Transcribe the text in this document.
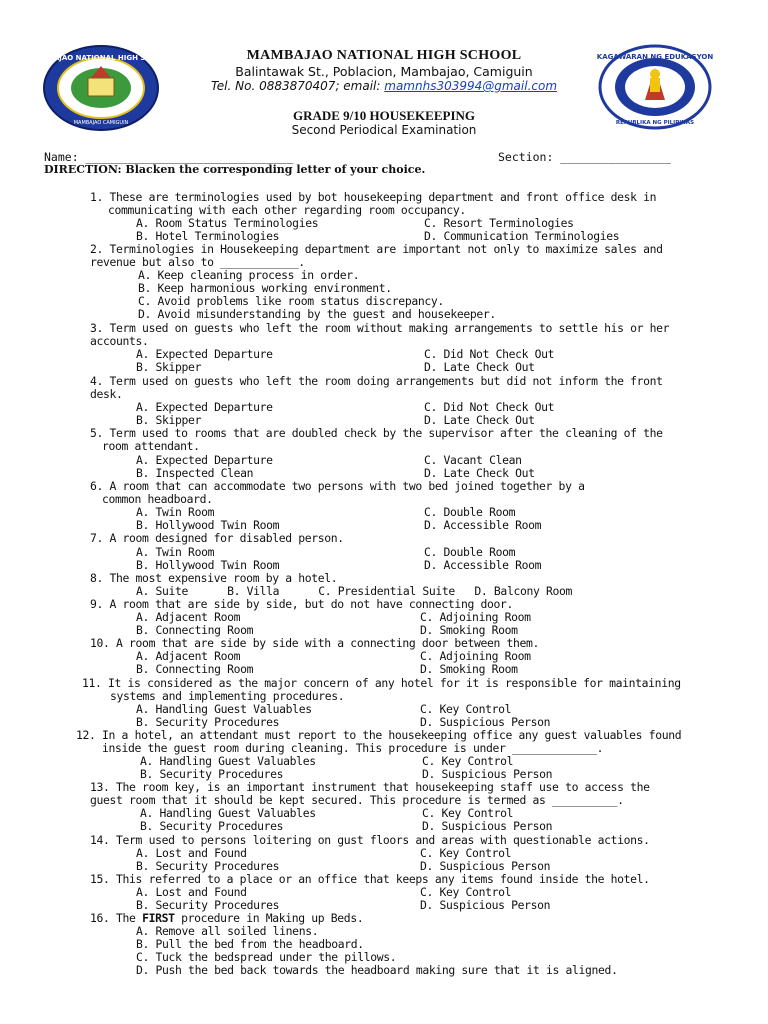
MAMBAJAO NATIONAL HIGH SCHOOL
MAMBAJAO CAMIGUIN
KAGAWARAN NG EDUKASYON
REPUBLIKA NG PILIPINAS
MAMBAJAO NATIONAL HIGH SCHOOL
Balintawak St., Poblacion, Mambajao, Camiguin
Tel. No. 0883870407; email: mamnhs303994@gmail.com
GRADE 9/10 HOUSEKEEPING
Second Periodical Examination
Name: ______________________________	Section: ________________
DIRECTION: Blacken the corresponding letter of your choice.
1. These are terminologies used by bot housekeeping department and front office desk in
communicating with each other regarding room occupancy.
A. Room Status Terminologies	C. Resort Terminologies
B. Hotel Terminologies	D. Communication Terminologies
2. Terminologies in Housekeeping department are important not only to maximize sales and
revenue but also to ____________.
A. Keep cleaning process in order.
B. Keep harmonious working environment.
C. Avoid problems like room status discrepancy.
D. Avoid misunderstanding by the guest and housekeeper.
3. Term used on guests who left the room without making arrangements to settle his or her
accounts.
A. Expected Departure	C. Did Not Check Out
B. Skipper	D. Late Check Out
4. Term used on guests who left the room doing arrangements but did not inform the front
desk.
A. Expected Departure	C. Did Not Check Out
B. Skipper	D. Late Check Out
5. Term used to rooms that are doubled check by the supervisor after the cleaning of the
room attendant.
A. Expected Departure	C. Vacant Clean
B. Inspected Clean	D. Late Check Out
6. A room that can accommodate two persons with two bed joined together by a
common headboard.
A. Twin Room	C. Double Room
B. Hollywood Twin Room	D. Accessible Room
7. A room designed for disabled person.
A. Twin Room	C. Double Room
B. Hollywood Twin Room	D. Accessible Room
8. The most expensive room by a hotel.
A. Suite      B. Villa      C. Presidential Suite   D. Balcony Room
9. A room that are side by side, but do not have connecting door.
A. Adjacent Room	C. Adjoining Room
B. Connecting Room	D. Smoking Room
10. A room that are side by side with a connecting door between them.
A. Adjacent Room	C. Adjoining Room
B. Connecting Room	D. Smoking Room
11. It is considered as the major concern of any hotel for it is responsible for maintaining
systems and implementing procedures.
A. Handling Guest Valuables	C. Key Control
B. Security Procedures	D. Suspicious Person
12. In a hotel, an attendant must report to the housekeeping office any guest valuables found
inside the guest room during cleaning. This procedure is under _____________.
A. Handling Guest Valuables	C. Key Control
B. Security Procedures	D. Suspicious Person
13. The room key, is an important instrument that housekeeping staff use to access the
guest room that it should be kept secured. This procedure is termed as __________.
A. Handling Guest Valuables	C. Key Control
B. Security Procedures	D. Suspicious Person
14. Term used to persons loitering on gust floors and areas with questionable actions.
A. Lost and Found	C. Key Control
B. Security Procedures	D. Suspicious Person
15. This referred to a place or an office that keeps any items found inside the hotel.
A. Lost and Found	C. Key Control
B. Security Procedures	D. Suspicious Person
16. The FIRST procedure in Making up Beds.
A. Remove all soiled linens.
B. Pull the bed from the headboard.
C. Tuck the bedspread under the pillows.
D. Push the bed back towards the headboard making sure that it is aligned.
